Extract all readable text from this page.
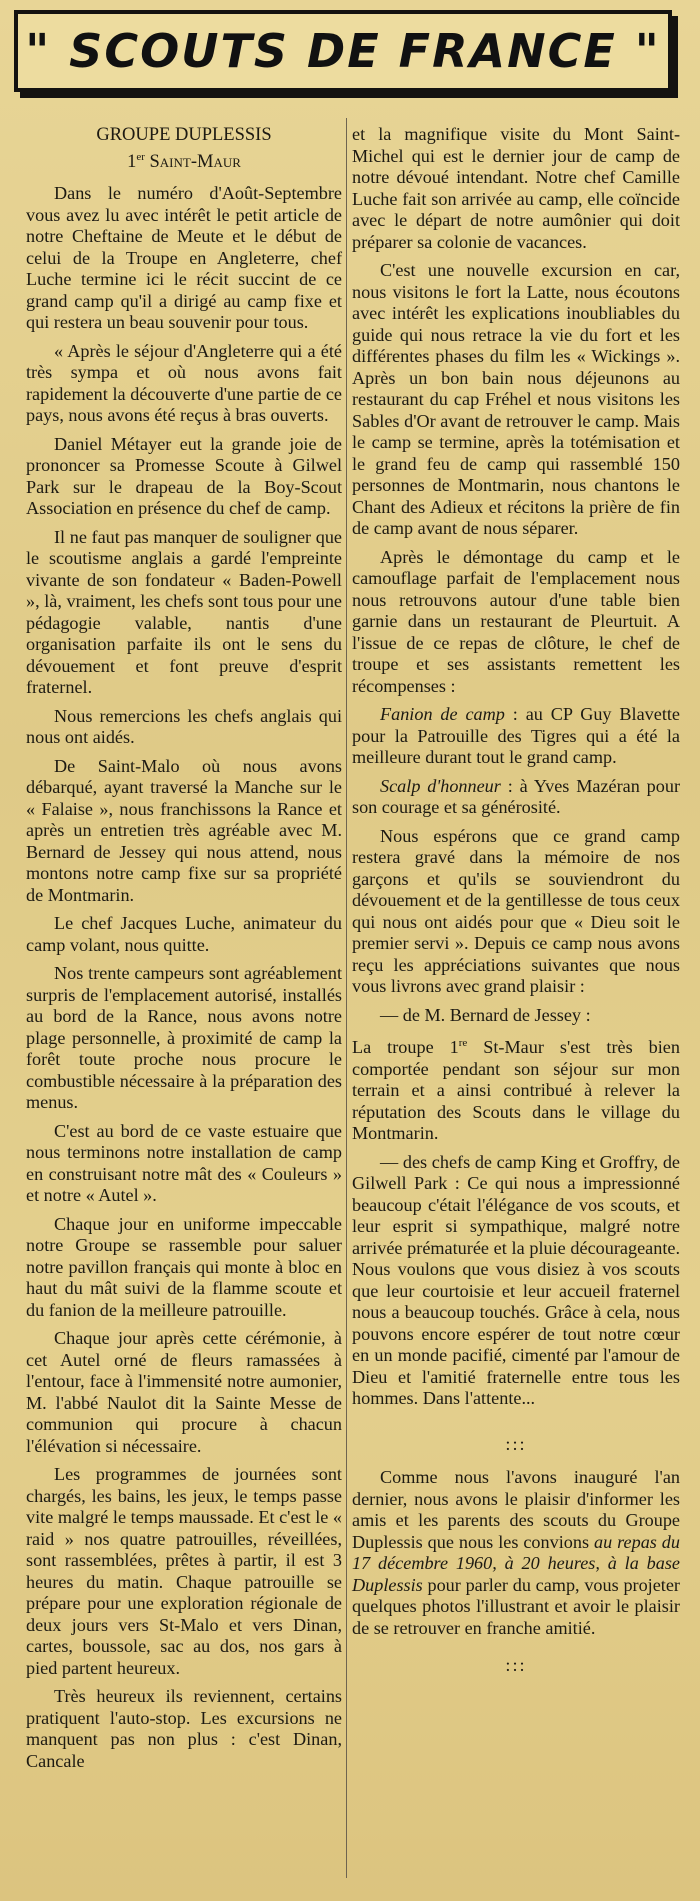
" SCOUTS DE FRANCE "
GROUPE DUPLESSIS
1er Saint-Maur

Dans le numéro d'Août-Septembre vous avez lu avec intérêt le petit article de notre Cheftaine de Meute et le début de celui de la Troupe en Angleterre, chef Luche termine ici le récit succint de ce grand camp qu'il a dirigé au camp fixe et qui restera un beau souvenir pour tous.

« Après le séjour d'Angleterre qui a été très sympa et où nous avons fait rapidement la découverte d'une partie de ce pays, nous avons été reçus à bras ouverts.

Daniel Métayer eut la grande joie de prononcer sa Promesse Scoute à Gilwel Park sur le drapeau de la Boy-Scout Association en présence du chef de camp.

Il ne faut pas manquer de souligner que le scoutisme anglais a gardé l'empreinte vivante de son fondateur « Baden-Powell », là, vraiment, les chefs sont tous pour une pédagogie valable, nantis d'une organisation parfaite ils ont le sens du dévouement et font preuve d'esprit fraternel.

Nous remercions les chefs anglais qui nous ont aidés.

De Saint-Malo où nous avons débarqué, ayant traversé la Manche sur le « Falaise », nous franchissons la Rance et après un entretien très agréable avec M. Bernard de Jessey qui nous attend, nous montons notre camp fixe sur sa propriété de Montmarin.

Le chef Jacques Luche, animateur du camp volant, nous quitte.

Nos trente campeurs sont agréablement surpris de l'emplacement autorisé, installés au bord de la Rance, nous avons notre plage personnelle, à proximité de camp la forêt toute proche nous procure le combustible nécessaire à la préparation des menus.

C'est au bord de ce vaste estuaire que nous terminons notre installation de camp en construisant notre mât des « Couleurs » et notre « Autel ».

Chaque jour en uniforme impeccable notre Groupe se rassemble pour saluer notre pavillon français qui monte à bloc en haut du mât suivi de la flamme scoute et du fanion de la meilleure patrouille.

Chaque jour après cette cérémonie, à cet Autel orné de fleurs ramassées à l'entour, face à l'immensité notre aumonier, M. l'abbé Naulot dit la Sainte Messe de communion qui procure à chacun l'élévation si nécessaire.

Les programmes de journées sont chargés, les bains, les jeux, le temps passe vite malgré le temps maussade. Et c'est le « raid » nos quatre patrouilles, réveillées, sont rassemblées, prêtes à partir, il est 3 heures du matin. Chaque patrouille se prépare pour une exploration régionale de deux jours vers St-Malo et vers Dinan, cartes, boussole, sac au dos, nos gars à pied partent heureux.

Très heureux ils reviennent, certains pratiquent l'auto-stop. Les excursions ne manquent pas non plus : c'est Dinan, Cancale

et la magnifique visite du Mont Saint-Michel qui est le dernier jour de camp de notre dévoué intendant. Notre chef Camille Luche fait son arrivée au camp, elle coïncide avec le départ de notre aumônier qui doit préparer sa colonie de vacances.

C'est une nouvelle excursion en car, nous visitons le fort la Latte, nous écoutons avec intérêt les explications inoubliables du guide qui nous retrace la vie du fort et les différentes phases du film les « Wickings ». Après un bon bain nous déjeunons au restaurant du cap Fréhel et nous visitons les Sables d'Or avant de retrouver le camp. Mais le camp se termine, après la totémisation et le grand feu de camp qui rassemblé 150 personnes de Montmarin, nous chantons le Chant des Adieux et récitons la prière de fin de camp avant de nous séparer.

Après le démontage du camp et le camouflage parfait de l'emplacement nous nous retrouvons autour d'une table bien garnie dans un restaurant de Pleurtuit. A l'issue de ce repas de clôture, le chef de troupe et ses assistants remettent les récompenses :

Fanion de camp : au CP Guy Blavette pour la Patrouille des Tigres qui a été la meilleure durant tout le grand camp.

Scalp d'honneur : à Yves Mazéran pour son courage et sa générosité.

Nous espérons que ce grand camp restera gravé dans la mémoire de nos garçons et qu'ils se souviendront du dévouement et de la gentillesse de tous ceux qui nous ont aidés pour que « Dieu soit le premier servi ». Depuis ce camp nous avons reçu les appréciations suivantes que nous vous livrons avec grand plaisir :

— de M. Bernard de Jessey :

La troupe 1re St-Maur s'est très bien comportée pendant son séjour sur mon terrain et a ainsi contribué à relever la réputation des Scouts dans le village du Montmarin.

— des chefs de camp King et Groffry, de Gilwell Park : Ce qui nous a impressionné beaucoup c'était l'élégance de vos scouts, et leur esprit si sympathique, malgré notre arrivée prématurée et la pluie décourageante. Nous voulons que vous disiez à vos scouts que leur courtoisie et leur accueil fraternel nous a beaucoup touchés. Grâce à cela, nous pouvons encore espérer de tout notre cœur en un monde pacifié, cimenté par l'amour de Dieu et l'amitié fraternelle entre tous les hommes. Dans l'attente...

:::

Comme nous l'avons inauguré l'an dernier, nous avons le plaisir d'informer les amis et les parents des scouts du Groupe Duplessis que nous les convions au repas du 17 décembre 1960, à 20 heures, à la base Duplessis pour parler du camp, vous projeter quelques photos l'illustrant et avoir le plaisir de se retrouver en franche amitié.

:::
